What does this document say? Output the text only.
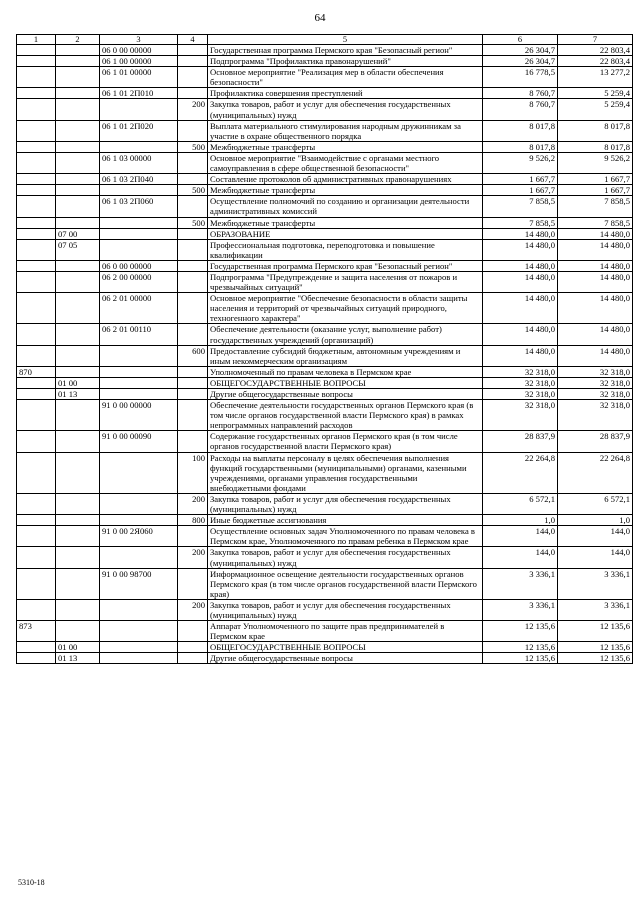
64
1	2	3	4	5	6	7
		06 0 00 00000		Государственная программа Пермского края "Безопасный регион"	26 304,7	22 803,4
		06 1 00 00000		Подпрограмма "Профилактика правонарушений"	26 304,7	22 803,4
		06 1 01 00000		Основное мероприятие "Реализация мер в области обеспечения безопасности"	16 778,5	13 277,2
		06 1 01 2П010		Профилактика совершения преступлений	8 760,7	5 259,4
			200	Закупка товаров, работ и услуг для обеспечения государственных (муниципальных) нужд	8 760,7	5 259,4
		06 1 01 2П020		Выплата материального стимулирования народным дружинникам за участие в охране общественного порядка	8 017,8	8 017,8
			500	Межбюджетные трансферты	8 017,8	8 017,8
		06 1 03 00000		Основное мероприятие "Взаимодействие с органами местного самоуправления в сфере общественной безопасности"	9 526,2	9 526,2
		06 1 03 2П040		Составление протоколов об административных правонарушениях	1 667,7	1 667,7
			500	Межбюджетные трансферты	1 667,7	1 667,7
		06 1 03 2П060		Осуществление полномочий по созданию и организации деятельности административных комиссий	7 858,5	7 858,5
			500	Межбюджетные трансферты	7 858,5	7 858,5
	07 00			ОБРАЗОВАНИЕ	14 480,0	14 480,0
	07 05			Профессиональная подготовка, переподготовка и повышение квалификации	14 480,0	14 480,0
		06 0 00 00000		Государственная программа Пермского края "Безопасный регион"	14 480,0	14 480,0
		06 2 00 00000		Подпрограмма "Предупреждение и защита населения от пожаров и чрезвычайных ситуаций"	14 480,0	14 480,0
		06 2 01 00000		Основное мероприятие "Обеспечение безопасности в области защиты населения и территорий от чрезвычайных ситуаций природного, техногенного характера"	14 480,0	14 480,0
		06 2 01 00110		Обеспечение деятельности (оказание услуг, выполнение работ) государственных учреждений (организаций)	14 480,0	14 480,0
			600	Предоставление субсидий бюджетным, автономным учреждениям и иным некоммерческим организациям	14 480,0	14 480,0
870				Уполномоченный по правам человека в Пермском крае	32 318,0	32 318,0
	01 00			ОБЩЕГОСУДАРСТВЕННЫЕ ВОПРОСЫ	32 318,0	32 318,0
	01 13			Другие общегосударственные вопросы	32 318,0	32 318,0
		91 0 00 00000		Обеспечение деятельности государственных органов Пермского края (в том числе органов государственной власти Пермского края) в рамках непрограммных направлений расходов	32 318,0	32 318,0
		91 0 00 00090		Содержание государственных органов Пермского края (в том числе органов государственной власти Пермского края)	28 837,9	28 837,9
			100	Расходы на выплаты персоналу в целях обеспечения выполнения функций государственными (муниципальными) органами, казенными учреждениями, органами управления государственными внебюджетными фондами	22 264,8	22 264,8
			200	Закупка товаров, работ и услуг для обеспечения государственных (муниципальных) нужд	6 572,1	6 572,1
			800	Иные бюджетные ассигнования	1,0	1,0
		91 0 00 2Я060		Осуществление основных задач Уполномоченного по правам человека в Пермском крае, Уполномоченного по правам ребенка в Пермском крае	144,0	144,0
			200	Закупка товаров, работ и услуг для обеспечения государственных (муниципальных) нужд	144,0	144,0
		91 0 00 98700		Информационное освещение деятельности государственных органов Пермского края (в том числе органов государственной власти Пермского края)	3 336,1	3 336,1
			200	Закупка товаров, работ и услуг для обеспечения государственных (муниципальных) нужд	3 336,1	3 336,1
873				Аппарат Уполномоченного по защите прав предпринимателей в Пермском крае	12 135,6	12 135,6
	01 00			ОБЩЕГОСУДАРСТВЕННЫЕ ВОПРОСЫ	12 135,6	12 135,6
	01 13			Другие общегосударственные вопросы	12 135,6	12 135,6
5310-18
